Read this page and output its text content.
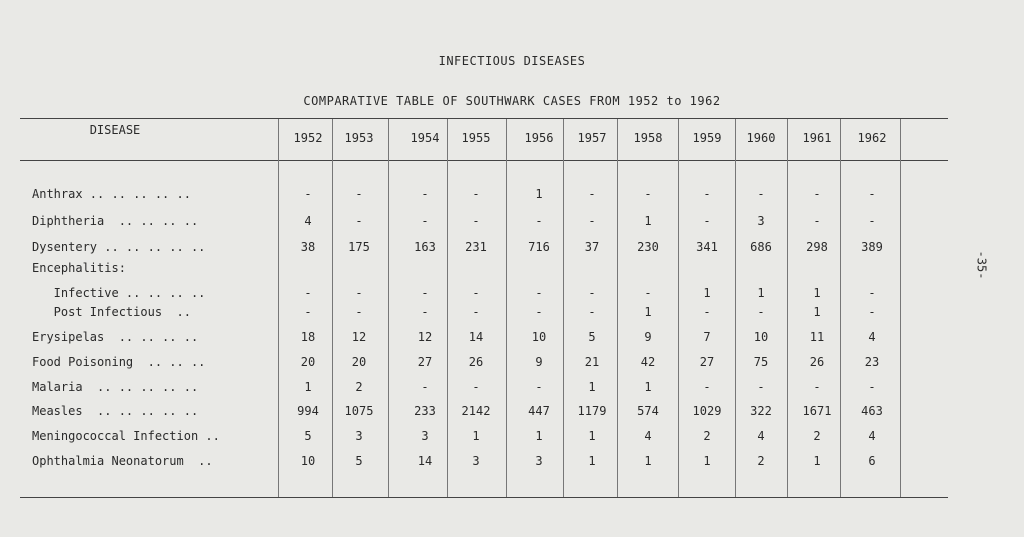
INFECTIOUS DISEASES
COMPARATIVE TABLE OF SOUTHWARK CASES FROM 1952 to 1962
-35-
DISEASE
1952	1953	1954	1955	1956	1957	1958	1959	1960	1961	1962
Anthrax .. .. .. .. ..	-	-	-	-	1	-	-	-	-	-	-
Diphtheria  .. .. .. ..	4	-	-	-	-	-	1	-	3	-	-
Dysentery .. .. .. .. ..	38	175	163	231	716	37	230	341	686	298	389
Encephalitis:
Infective .. .. .. ..	-	-	-	-	-	-	-	1	1	1	-
Post Infectious  ..	-	-	-	-	-	-	1	-	-	1	-
Erysipelas  .. .. .. ..	18	12	12	14	10	5	9	7	10	11	4
Food Poisoning  .. .. ..	20	20	27	26	9	21	42	27	75	26	23
Malaria  .. .. .. .. ..	1	2	-	-	-	1	1	-	-	-	-
Measles  .. .. .. .. ..	994	1075	233	2142	447	1179	574	1029	322	1671	463
Meningococcal Infection ..	5	3	3	1	1	1	4	2	4	2	4
Ophthalmia Neonatorum  ..	10	5	14	3	3	1	1	1	2	1	6
